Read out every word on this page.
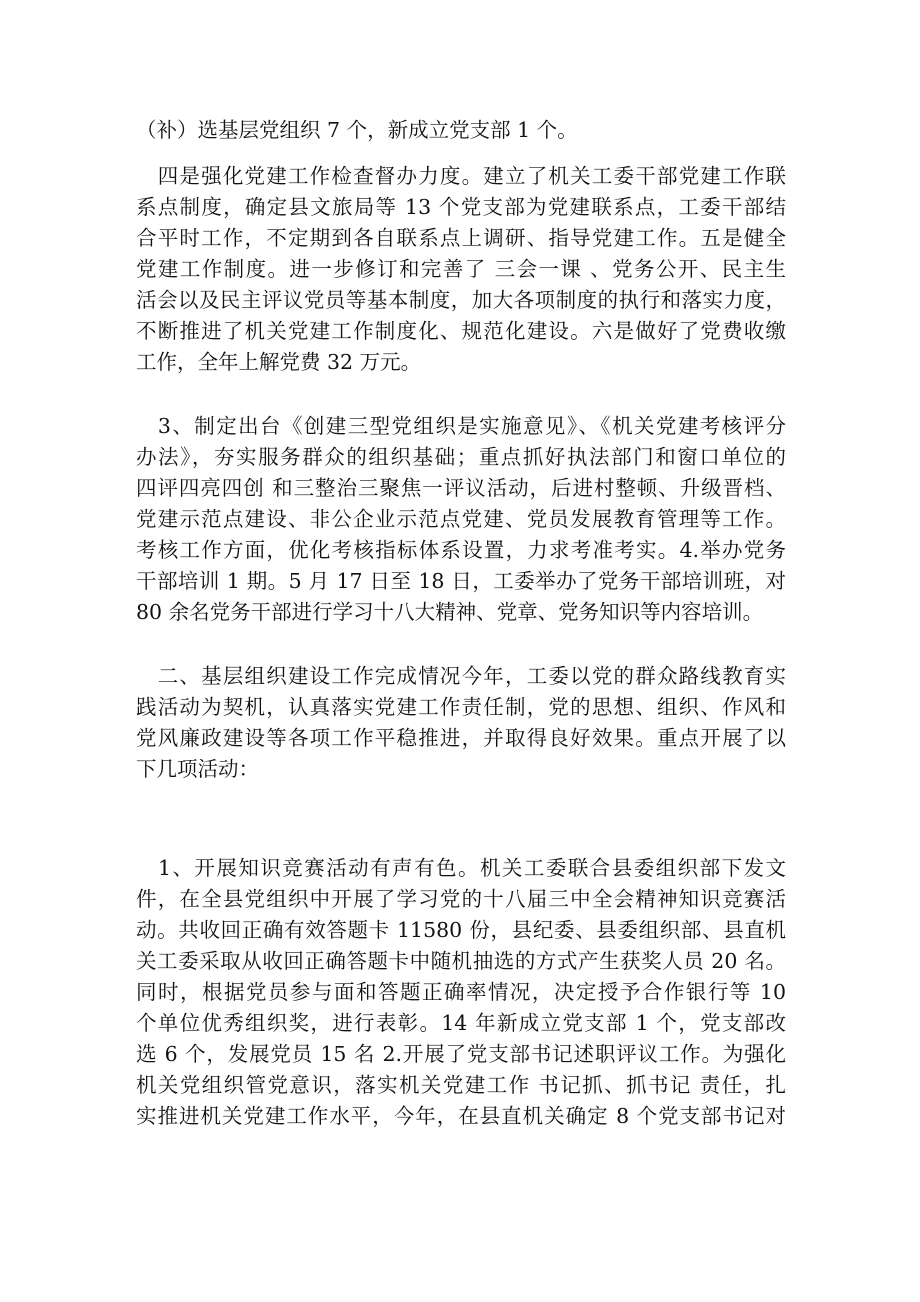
（补）选基层党组织 7 个，新成立党支部 1 个。
　四是强化党建工作检查督办力度。建立了机关工委干部党建工作联
系点制度，确定县文旅局等 13 个党支部为党建联系点，工委干部结
合平时工作，不定期到各自联系点上调研、指导党建工作。五是健全
党建工作制度。进一步修订和完善了 三会一课 、党务公开、民主生
活会以及民主评议党员等基本制度，加大各项制度的执行和落实力度，
不断推进了机关党建工作制度化、规范化建设。六是做好了党费收缴
工作，全年上解党费 32 万元。
　3、制定出台《创建三型党组织是实施意见》、《机关党建考核评分
办法》，夯实服务群众的组织基础；重点抓好执法部门和窗口单位的
四评四亮四创 和三整治三聚焦一评议活动，后进村整顿、升级晋档、
党建示范点建设、非公企业示范点党建、党员发展教育管理等工作。
考核工作方面，优化考核指标体系设置，力求考准考实。4.举办党务
干部培训 1 期。5 月 17 日至 18 日，工委举办了党务干部培训班，对
80 余名党务干部进行学习十八大精神、党章、党务知识等内容培训。
　二、基层组织建设工作完成情况今年，工委以党的群众路线教育实
践活动为契机，认真落实党建工作责任制，党的思想、组织、作风和
党风廉政建设等各项工作平稳推进，并取得良好效果。重点开展了以
下几项活动：
　1、开展知识竞赛活动有声有色。机关工委联合县委组织部下发文
件，在全县党组织中开展了学习党的十八届三中全会精神知识竞赛活
动。共收回正确有效答题卡 11580 份，县纪委、县委组织部、县直机
关工委采取从收回正确答题卡中随机抽选的方式产生获奖人员 20 名。
同时，根据党员参与面和答题正确率情况，决定授予合作银行等 10
个单位优秀组织奖，进行表彰。14 年新成立党支部 1 个，党支部改
选 6 个，发展党员 15 名 2.开展了党支部书记述职评议工作。为强化
机关党组织管党意识，落实机关党建工作 书记抓、抓书记 责任，扎
实推进机关党建工作水平，今年，在县直机关确定 8 个党支部书记对
